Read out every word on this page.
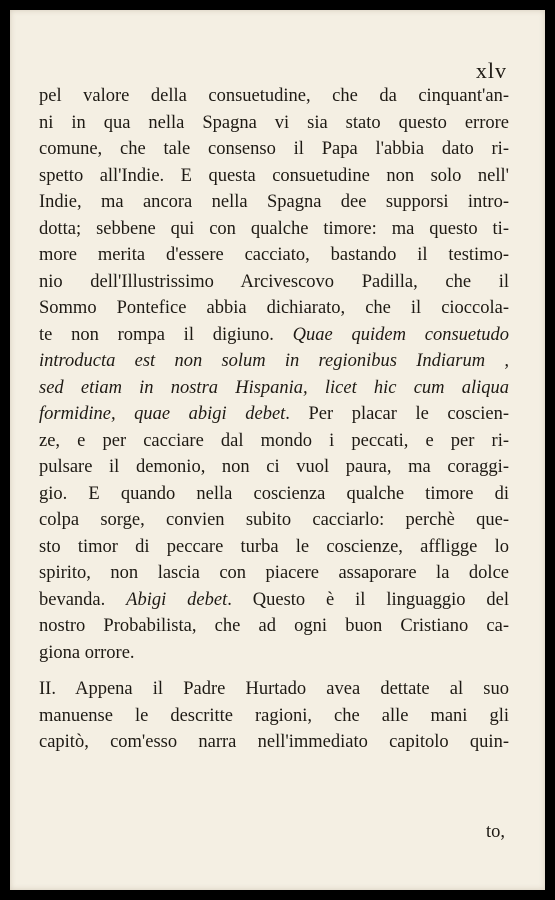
xlv
pel valore della consuetudine, che da cinquant'an-
ni in qua nella Spagna vi sia stato questo errore
comune, che tale consenso il Papa l'abbia dato ri-
spetto all'Indie. E questa consuetudine non solo nell'
Indie, ma ancora nella Spagna dee supporsi intro-
dotta; sebbene qui con qualche timore: ma questo ti-
more merita d'essere cacciato, bastando il testimo-
nio dell'Illustrissimo Arcivescovo Padilla, che il
Sommo Pontefice abbia dichiarato, che il cioccola-
te non rompa il digiuno. Quae quidem consuetudo
introducta est non solum in regionibus Indiarum ,
sed etiam in nostra Hispania, licet hic cum aliqua
formidine, quae abigi debet. Per placar le coscien-
ze, e per cacciare dal mondo i peccati, e per ri-
pulsare il demonio, non ci vuol paura, ma coraggi-
gio. E quando nella coscienza qualche timore di
colpa sorge, convien subito cacciarlo: perchè que-
sto timor di peccare turba le coscienze, affligge lo
spirito, non lascia con piacere assaporare la dolce
bevanda. Abigi debet. Questo è il linguaggio del
nostro Probabilista, che ad ogni buon Cristiano ca-
giona orrore.
II. Appena il Padre Hurtado avea dettate al suo
manuense le descritte ragioni, che alle mani gli
capitò, com'esso narra nell'immediato capitolo quin-
to,
